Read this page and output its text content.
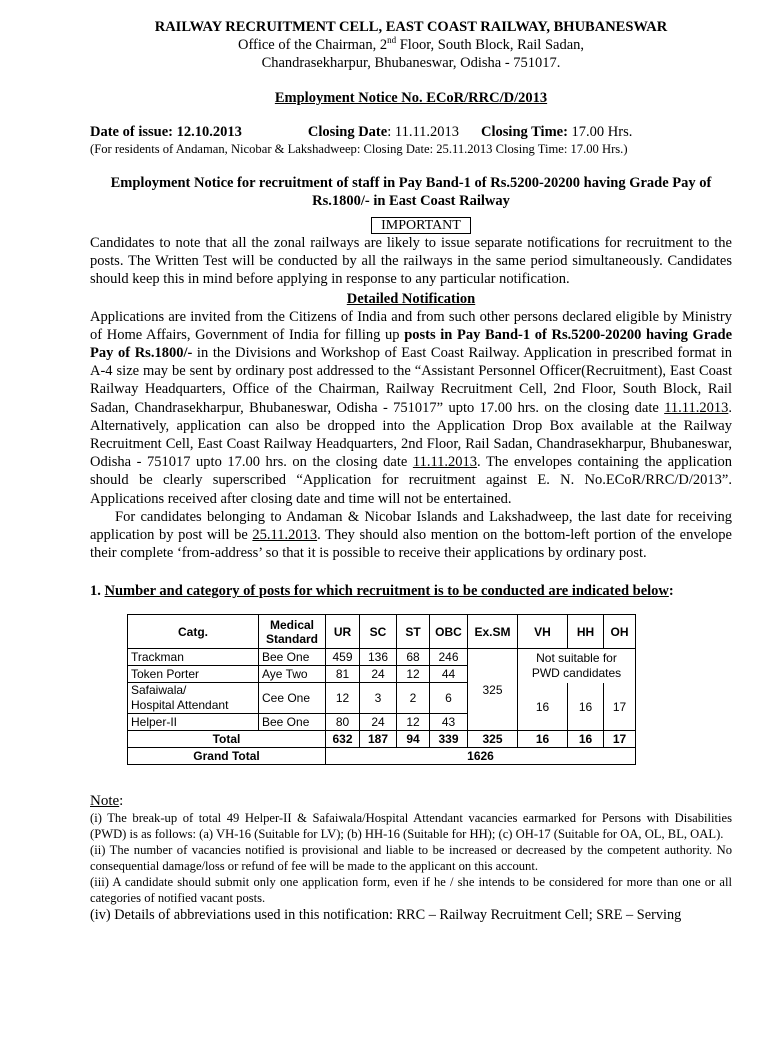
RAILWAY RECRUITMENT CELL, EAST COAST RAILWAY, BHUBANESWAR
Office of the Chairman, 2nd Floor, South Block, Rail Sadan,
Chandrasekharpur, Bhubaneswar, Odisha - 751017.
Employment Notice No. ECoR/RRC/D/2013
Date of issue: 12.10.2013	Closing Date: 11.11.2013 Closing Time: 17.00 Hrs.
(For residents of Andaman, Nicobar & Lakshadweep: Closing Date: 25.11.2013 Closing Time: 17.00 Hrs.)
Employment Notice for recruitment of staff in Pay Band-1 of Rs.5200-20200 having Grade Pay of Rs.1800/- in East Coast Railway
IMPORTANT

Candidates to note that all the zonal railways are likely to issue separate notifications for recruitment to the posts. The Written Test will be conducted by all the railways in the same period simultaneously. Candidates should keep this in mind before applying in response to any particular notification.

Detailed Notification

Applications are invited from the Citizens of India and from such other persons declared eligible by Ministry of Home Affairs, Government of India for filling up posts in Pay Band-1 of Rs.5200-20200 having Grade Pay of Rs.1800/- in the Divisions and Workshop of East Coast Railway. Application in prescribed format in A-4 size may be sent by ordinary post addressed to the “Assistant Personnel Officer(Recruitment), East Coast Railway Headquarters, Office of the Chairman, Railway Recruitment Cell, 2nd Floor, South Block, Rail Sadan, Chandrasekharpur, Bhubaneswar, Odisha - 751017” upto 17.00 hrs. on the closing date 11.11.2013. Alternatively, application can also be dropped into the Application Drop Box available at the Railway Recruitment Cell, East Coast Railway Headquarters, 2nd Floor, Rail Sadan, Chandrasekharpur, Bhubaneswar, Odisha - 751017 upto 17.00 hrs. on the closing date 11.11.2013. The envelopes containing the application should be clearly superscribed “Application for recruitment against E. N. No.ECoR/RRC/D/2013”. Applications received after closing date and time will not be entertained.

For candidates belonging to Andaman & Nicobar Islands and Lakshadweep, the last date for receiving application by post will be 25.11.2013. They should also mention on the bottom-left portion of the envelope their complete ‘from-address’ so that it is possible to receive their applications by ordinary post.

1. Number and category of posts for which recruitment is to be conducted are indicated below:
Catg.	Medical Standard	UR	SC	ST	OBC	Ex.SM	VH	HH	OH
Trackman	Bee One	459	136	68	246	325	Not suitable for PWD candidates		
Token Porter	Aye Two	81	24	12	44				
Safaiwala/
Hospital Attendant	Cee One	12	3	2	6		16	16	17
Helper-II	Bee One	80	24	12	43				
Total		632	187	94	339	325	16	16	17
Grand Total		1626							
Note:

(i) The break-up of total 49 Helper-II & Safaiwala/Hospital Attendant vacancies earmarked for Persons with Disabilities (PWD) is as follows: (a) VH-16 (Suitable for LV); (b) HH-16 (Suitable for HH); (c) OH-17 (Suitable for OA, OL, BL, OAL).

(ii) The number of vacancies notified is provisional and liable to be increased or decreased by the competent authority. No consequential damage/loss or refund of fee will be made to the applicant on this account.

(iii) A candidate should submit only one application form, even if he / she intends to be considered for more than one or all categories of notified vacant posts.

(iv) Details of abbreviations used in this notification: RRC – Railway Recruitment Cell; SRE – Serving
